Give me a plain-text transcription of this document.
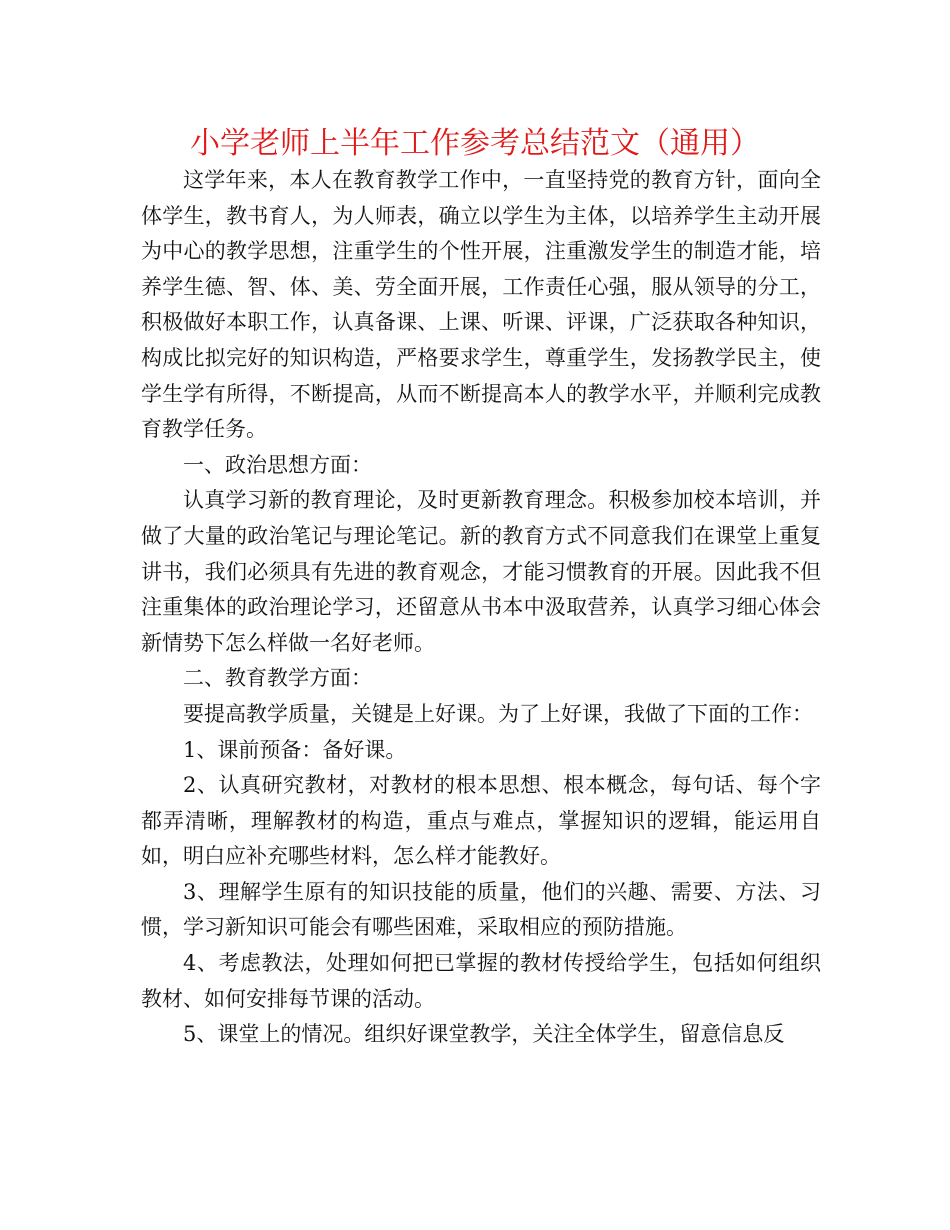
小学老师上半年工作参考总结范文（通用）

这学年来，本人在教育教学工作中，一直坚持党的教育方针，面向全体学生，教书育人，为人师表，确立以学生为主体，以培养学生主动开展为中心的教学思想，注重学生的个性开展，注重激发学生的制造才能，培养学生德、智、体、美、劳全面开展，工作责任心强，服从领导的分工，积极做好本职工作，认真备课、上课、听课、评课，广泛获取各种知识，构成比拟完好的知识构造，严格要求学生，尊重学生，发扬教学民主，使学生学有所得，不断提高，从而不断提高本人的教学水平，并顺利完成教育教学任务。

一、政治思想方面：

认真学习新的教育理论，及时更新教育理念。积极参加校本培训，并做了大量的政治笔记与理论笔记。新的教育方式不同意我们在课堂上重复讲书，我们必须具有先进的教育观念，才能习惯教育的开展。因此我不但注重集体的政治理论学习，还留意从书本中汲取营养，认真学习细心体会新情势下怎么样做一名好老师。

二、教育教学方面：

要提高教学质量，关键是上好课。为了上好课，我做了下面的工作：

1、课前预备：备好课。

2、认真研究教材，对教材的根本思想、根本概念，每句话、每个字都弄清晰，理解教材的构造，重点与难点，掌握知识的逻辑，能运用自如，明白应补充哪些材料，怎么样才能教好。

3、理解学生原有的知识技能的质量，他们的兴趣、需要、方法、习惯，学习新知识可能会有哪些困难，采取相应的预防措施。

4、考虑教法，处理如何把已掌握的教材传授给学生，包括如何组织教材、如何安排每节课的活动。

5、课堂上的情况。组织好课堂教学，关注全体学生，留意信息反
